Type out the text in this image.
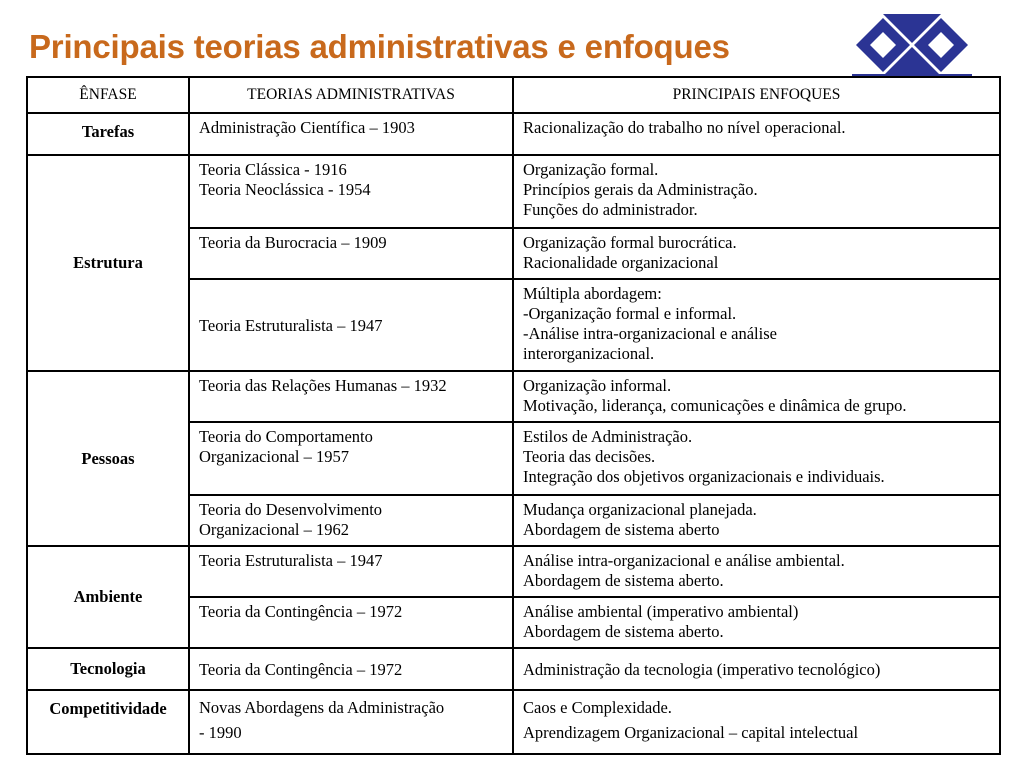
Principais teorias administrativas e enfoques
ÊNFASE	TEORIAS ADMINISTRATIVAS	PRINCIPAIS ENFOQUES
Tarefas	Administração Científica – 1903	Racionalização do trabalho no nível operacional.

Estrutura	Teoria Clássica - 1916
Teoria Neoclássica - 1954	Organização formal.
Princípios gerais da Administração.
Funções do administrador.

	Teoria da Burocracia – 1909	Organização formal burocrática.
Racionalidade organizacional

	Teoria Estruturalista – 1947	Múltipla abordagem:
-Organização formal e informal.
-Análise intra-organizacional e análise
interorganizacional.

Pessoas	Teoria das Relações Humanas – 1932	Organização informal.
Motivação, liderança, comunicações e dinâmica de grupo.

	Teoria do Comportamento
Organizacional – 1957	Estilos de Administração.
Teoria das decisões.
Integração dos objetivos organizacionais e individuais.

	Teoria do Desenvolvimento
Organizacional – 1962	Mudança organizacional planejada.
Abordagem de sistema aberto

Ambiente	Teoria Estruturalista – 1947	Análise intra-organizacional e análise ambiental.
Abordagem de sistema aberto.

	Teoria da Contingência – 1972	Análise ambiental (imperativo ambiental)
Abordagem de sistema aberto.

Tecnologia	Teoria da Contingência – 1972	Administração da tecnologia (imperativo tecnológico)

Competitividade	Novas Abordagens da Administração
- 1990	Caos e Complexidade.
Aprendizagem Organizacional – capital intelectual
